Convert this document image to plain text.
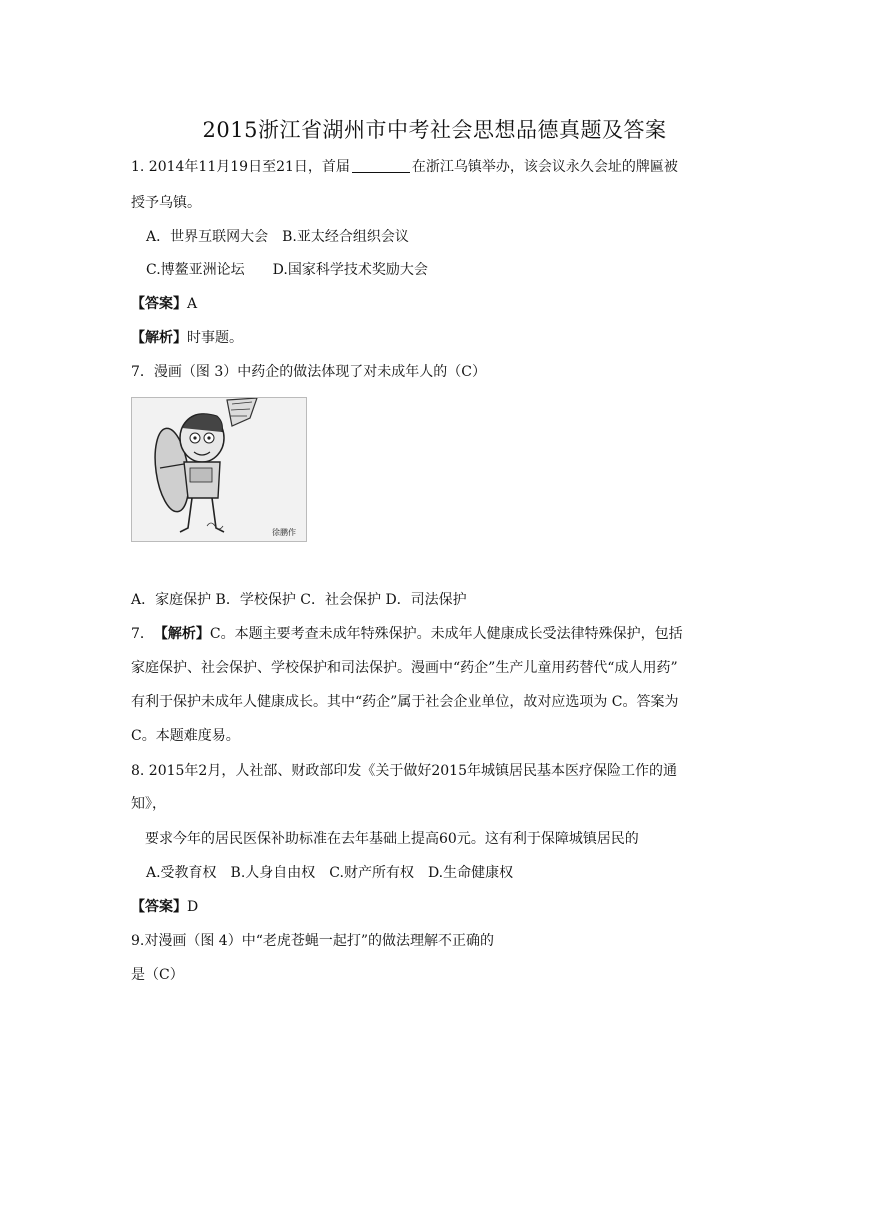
2015浙江省湖州市中考社会思想品德真题及答案
1. 2014年11月19日至21日，首届	在浙江乌镇举办，该会议永久会址的牌匾被
授予乌镇。
A．世界互联网大会　B.亚太经合组织会议
C.博鳌亚洲论坛　　D.国家科学技术奖励大会
【答案】A
【解析】时事题。
7．漫画（图 3）中药企的做法体现了对未成年人的（C）
徐鹏作
A．家庭保护 B．学校保护 C．社会保护 D．司法保护
7．　【解析】C。本题主要考查未成年特殊保护。未成年人健康成长受法律特殊保护，包括
家庭保护、社会保护、学校保护和司法保护。漫画中“药企”生产儿童用药替代“成人用药”
有利于保护未成年人健康成长。其中“药企”属于社会企业单位，故对应选项为 C。答案为
C。本题难度易。
8. 2015年2月，人社部、财政部印发《关于做好2015年城镇居民基本医疗保险工作的通
知》，
　要求今年的居民医保补助标准在去年基础上提高60元。这有利于保障城镇居民的
A.受教育权　B.人身自由权　C.财产所有权　D.生命健康权
【答案】D
9.对漫画（图 4）中“老虎苍蝇一起打”的做法理解不正确的
是（C）
